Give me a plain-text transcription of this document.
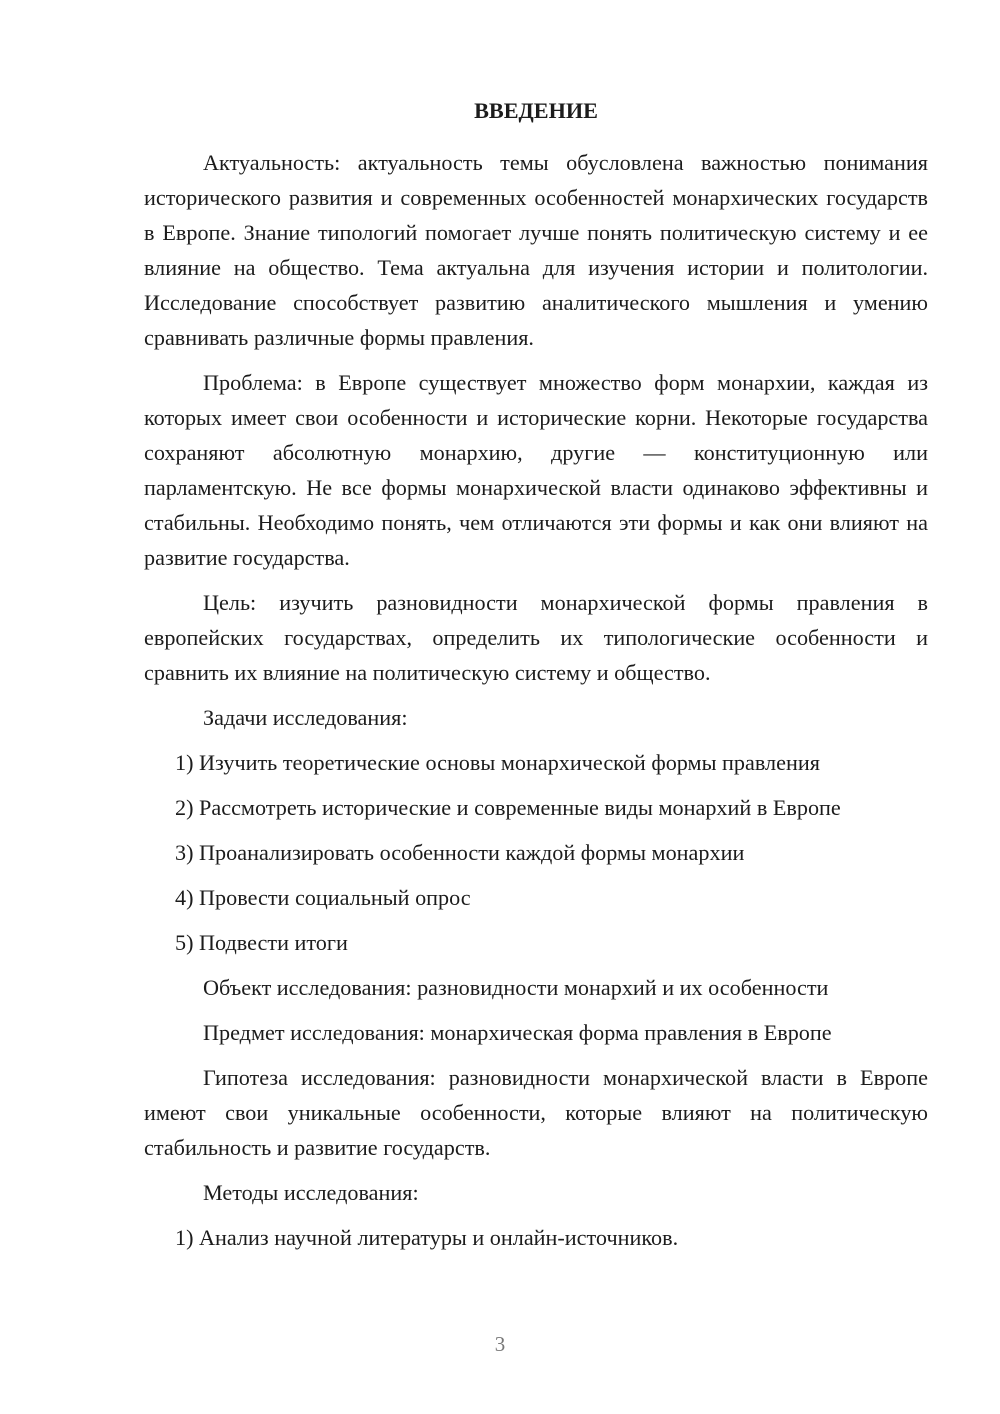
ВВЕДЕНИЕ

Актуальность: актуальность темы обусловлена важностью понимания исторического развития и современных особенностей монархических государств в Европе. Знание типологий помогает лучше понять политическую систему и ее влияние на общество. Тема актуальна для изучения истории и политологии. Исследование способствует развитию аналитического мышления и умению сравнивать различные формы правления.

Проблема: в Европе существует множество форм монархии, каждая из которых имеет свои особенности и исторические корни. Некоторые государства сохраняют абсолютную монархию, другие — конституционную или парламентскую. Не все формы монархической власти одинаково эффективны и стабильны. Необходимо понять, чем отличаются эти формы и как они влияют на развитие государства.

Цель: изучить разновидности монархической формы правления в европейских государствах, определить их типологические особенности и сравнить их влияние на политическую систему и общество.

Задачи исследования:
1) Изучить теоретические основы монархической формы правления
2) Рассмотреть исторические и современные виды монархий в Европе
3) Проанализировать особенности каждой формы монархии
4) Провести социальный опрос
5) Подвести итоги
Объект исследования: разновидности монархий и их особенности
Предмет исследования: монархическая форма правления в Европе

Гипотеза исследования: разновидности монархической власти в Европе имеют свои уникальные особенности, которые влияют на политическую стабильность и развитие государств.

Методы исследования:
1) Анализ научной литературы и онлайн-источников.
3
